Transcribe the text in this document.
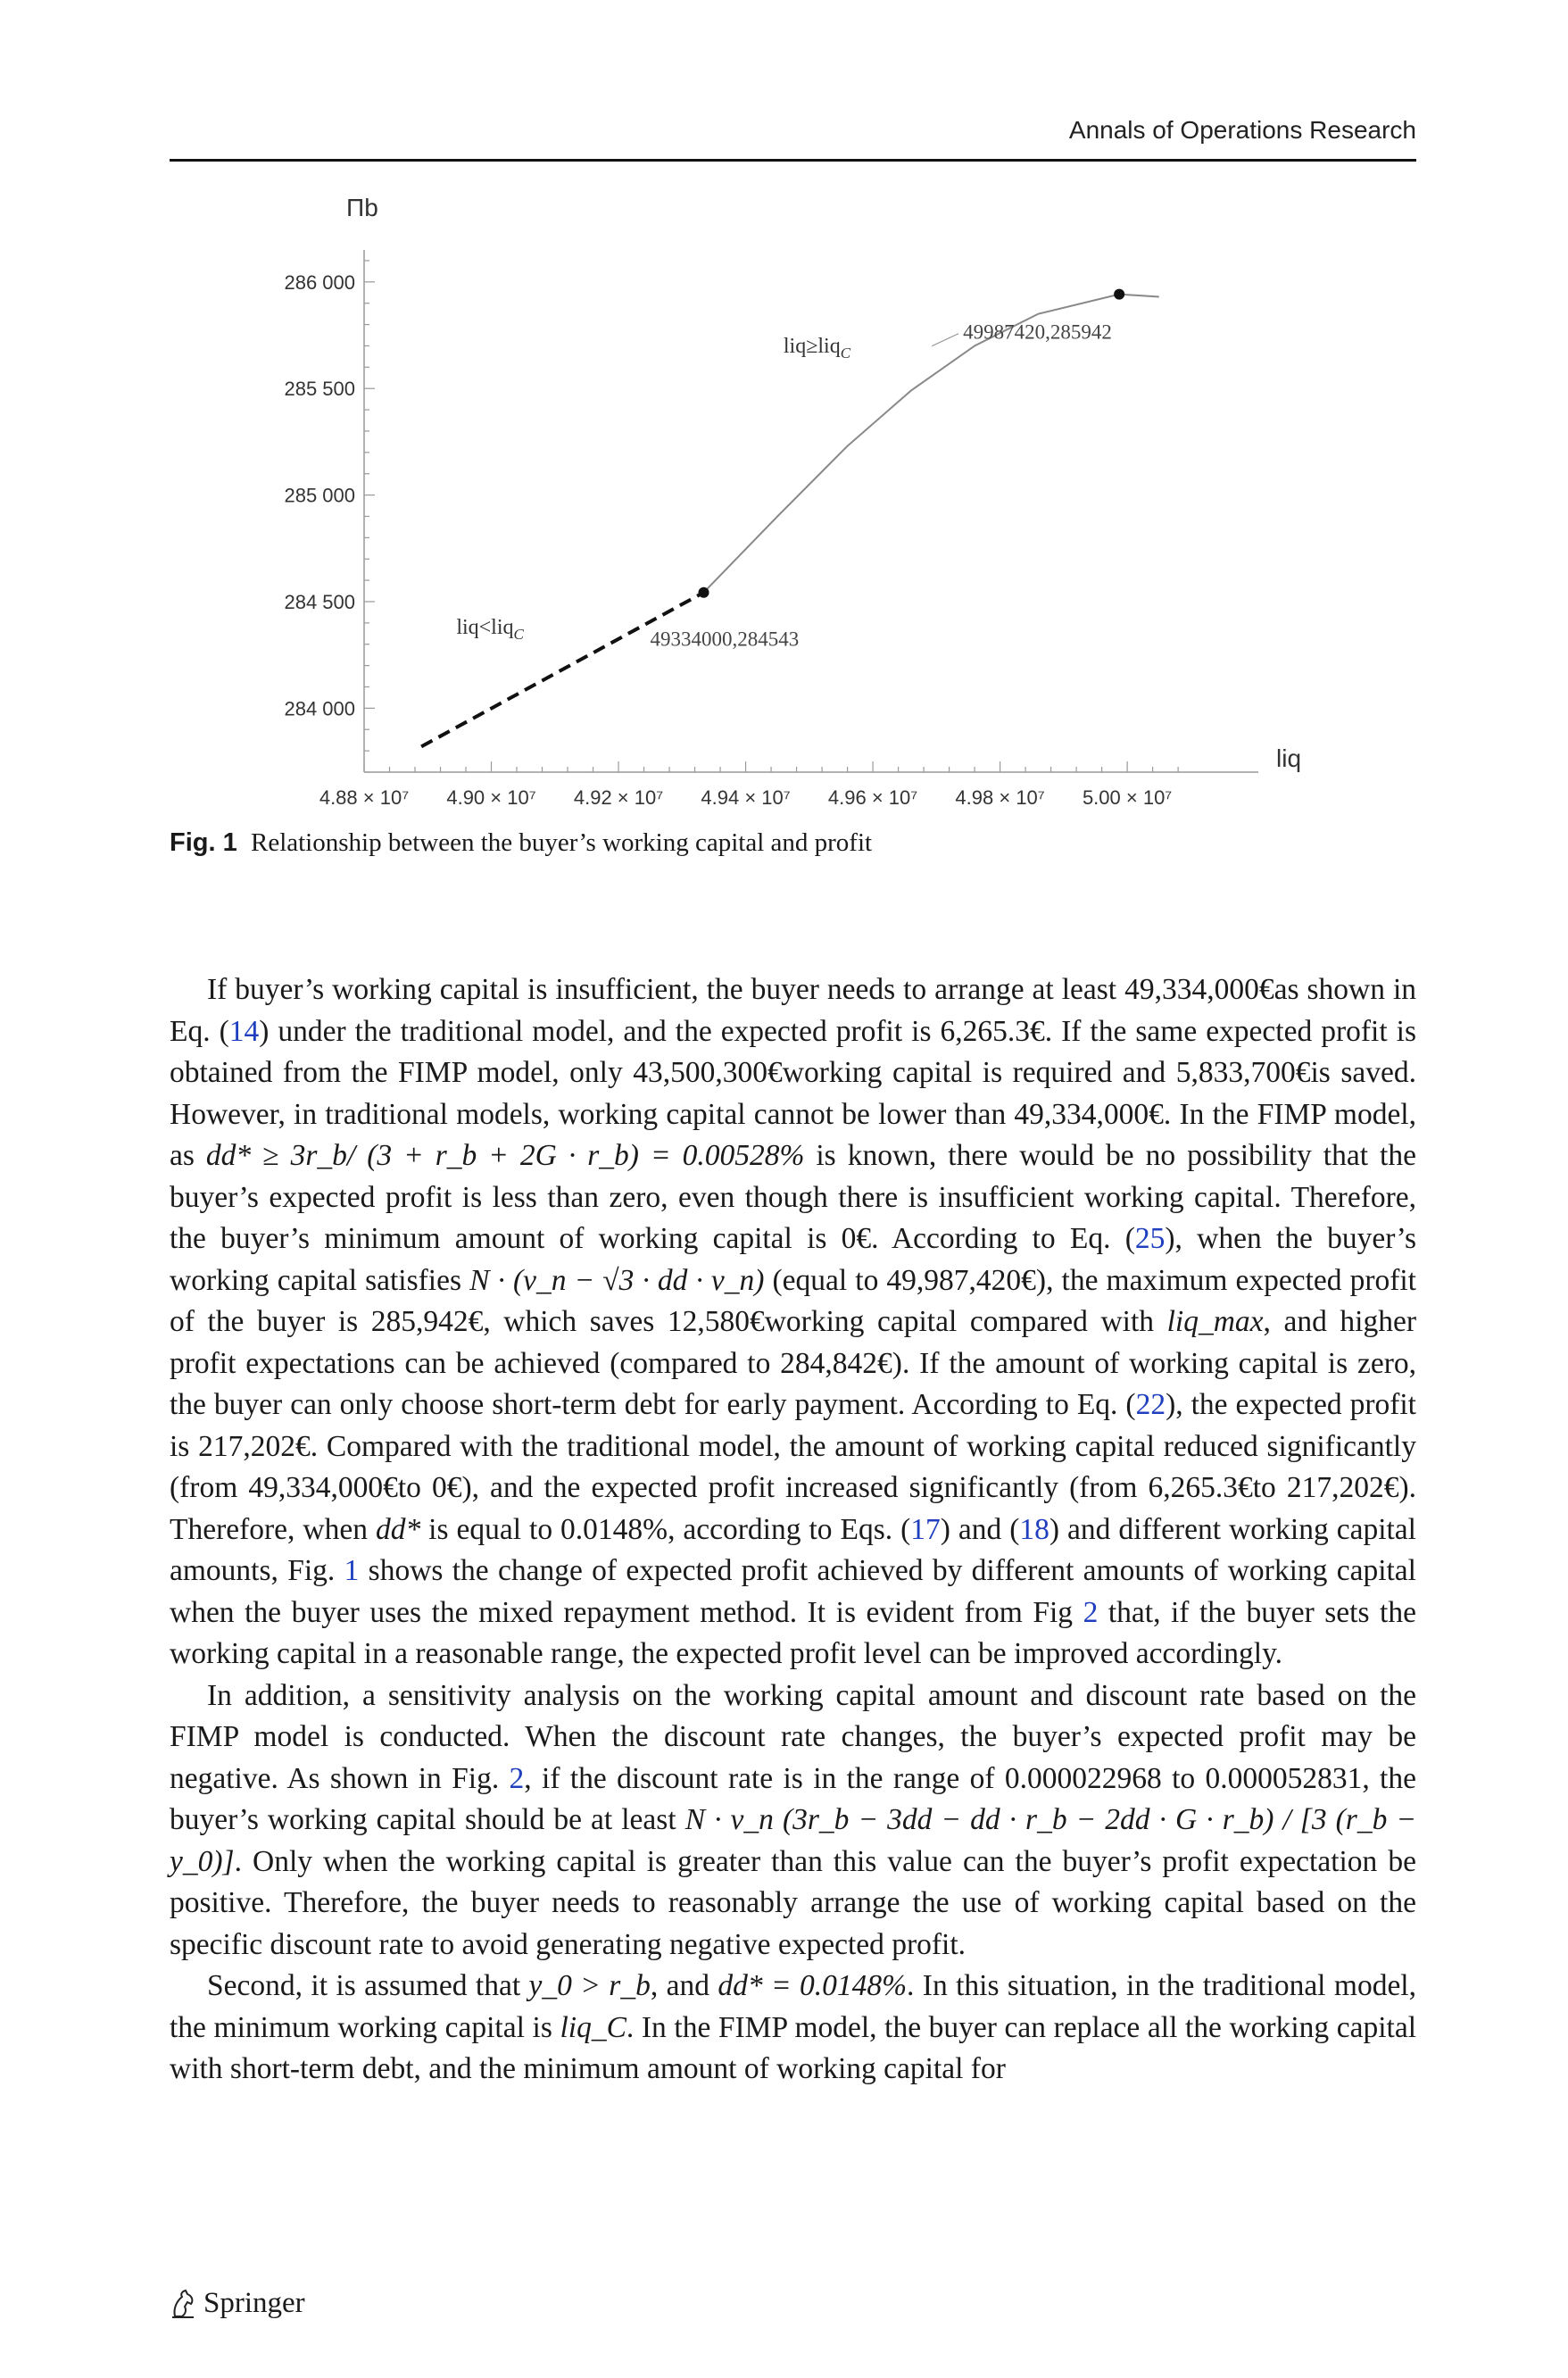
Annals of Operations Research
284 000
284 500
285 000
285 500
286 000
4.88 × 10⁷ 4.90 × 10⁷ 4.92 × 10⁷ 4.94 × 10⁷ 4.96 × 10⁷ 4.98 × 10⁷ 5.00 × 10⁷
Πb
liq
49334000,284543
49987420,285942
liq<liq$_C$
liq≥liq$_C$
Fig. 1 Relationship between the buyer’s working capital and profit

If buyer’s working capital is insufficient, the buyer needs to arrange at least 49,334,000€as shown in Eq. (14) under the traditional model, and the expected profit is 6,265.3€. If the same expected profit is obtained from the FIMP model, only 43,500,300€working capital is required and 5,833,700€is saved. However, in traditional models, working capital cannot be lower than 49,334,000€. In the FIMP model, as dd* ≥ 3r_b/ (3 + r_b + 2G · r_b) = 0.00528% is known, there would be no possibility that the buyer’s expected profit is less than zero, even though there is insufficient working capital. Therefore, the buyer’s minimum amount of working capital is 0€. According to Eq. (25), when the buyer’s working capital satisfies N · (v_n − √3 · dd · v_n) (equal to 49,987,420€), the maximum expected profit of the buyer is 285,942€, which saves 12,580€working capital compared with liq_max, and higher profit expectations can be achieved (compared to 284,842€). If the amount of working capital is zero, the buyer can only choose short-term debt for early payment. According to Eq. (22), the expected profit is 217,202€. Compared with the traditional model, the amount of working capital reduced significantly (from 49,334,000€to 0€), and the expected profit increased significantly (from 6,265.3€to 217,202€). Therefore, when dd* is equal to 0.0148%, according to Eqs. (17) and (18) and different working capital amounts, Fig. 1 shows the change of expected profit achieved by different amounts of working capital when the buyer uses the mixed repayment method. It is evident from Fig 2 that, if the buyer sets the working capital in a reasonable range, the expected profit level can be improved accordingly.

In addition, a sensitivity analysis on the working capital amount and discount rate based on the FIMP model is conducted. When the discount rate changes, the buyer’s expected profit may be negative. As shown in Fig. 2, if the discount rate is in the range of 0.000022968 to 0.000052831, the buyer’s working capital should be at least N · v_n (3r_b − 3dd − dd · r_b − 2dd · G · r_b) / [3 (r_b − y_0)]. Only when the working capital is greater than this value can the buyer’s profit expectation be positive. Therefore, the buyer needs to reasonably arrange the use of working capital based on the specific discount rate to avoid generating negative expected profit.

Second, it is assumed that y_0 > r_b, and dd* = 0.0148%. In this situation, in the traditional model, the minimum working capital is liq_C. In the FIMP model, the buyer can replace all the working capital with short-term debt, and the minimum amount of working capital for

Springer
